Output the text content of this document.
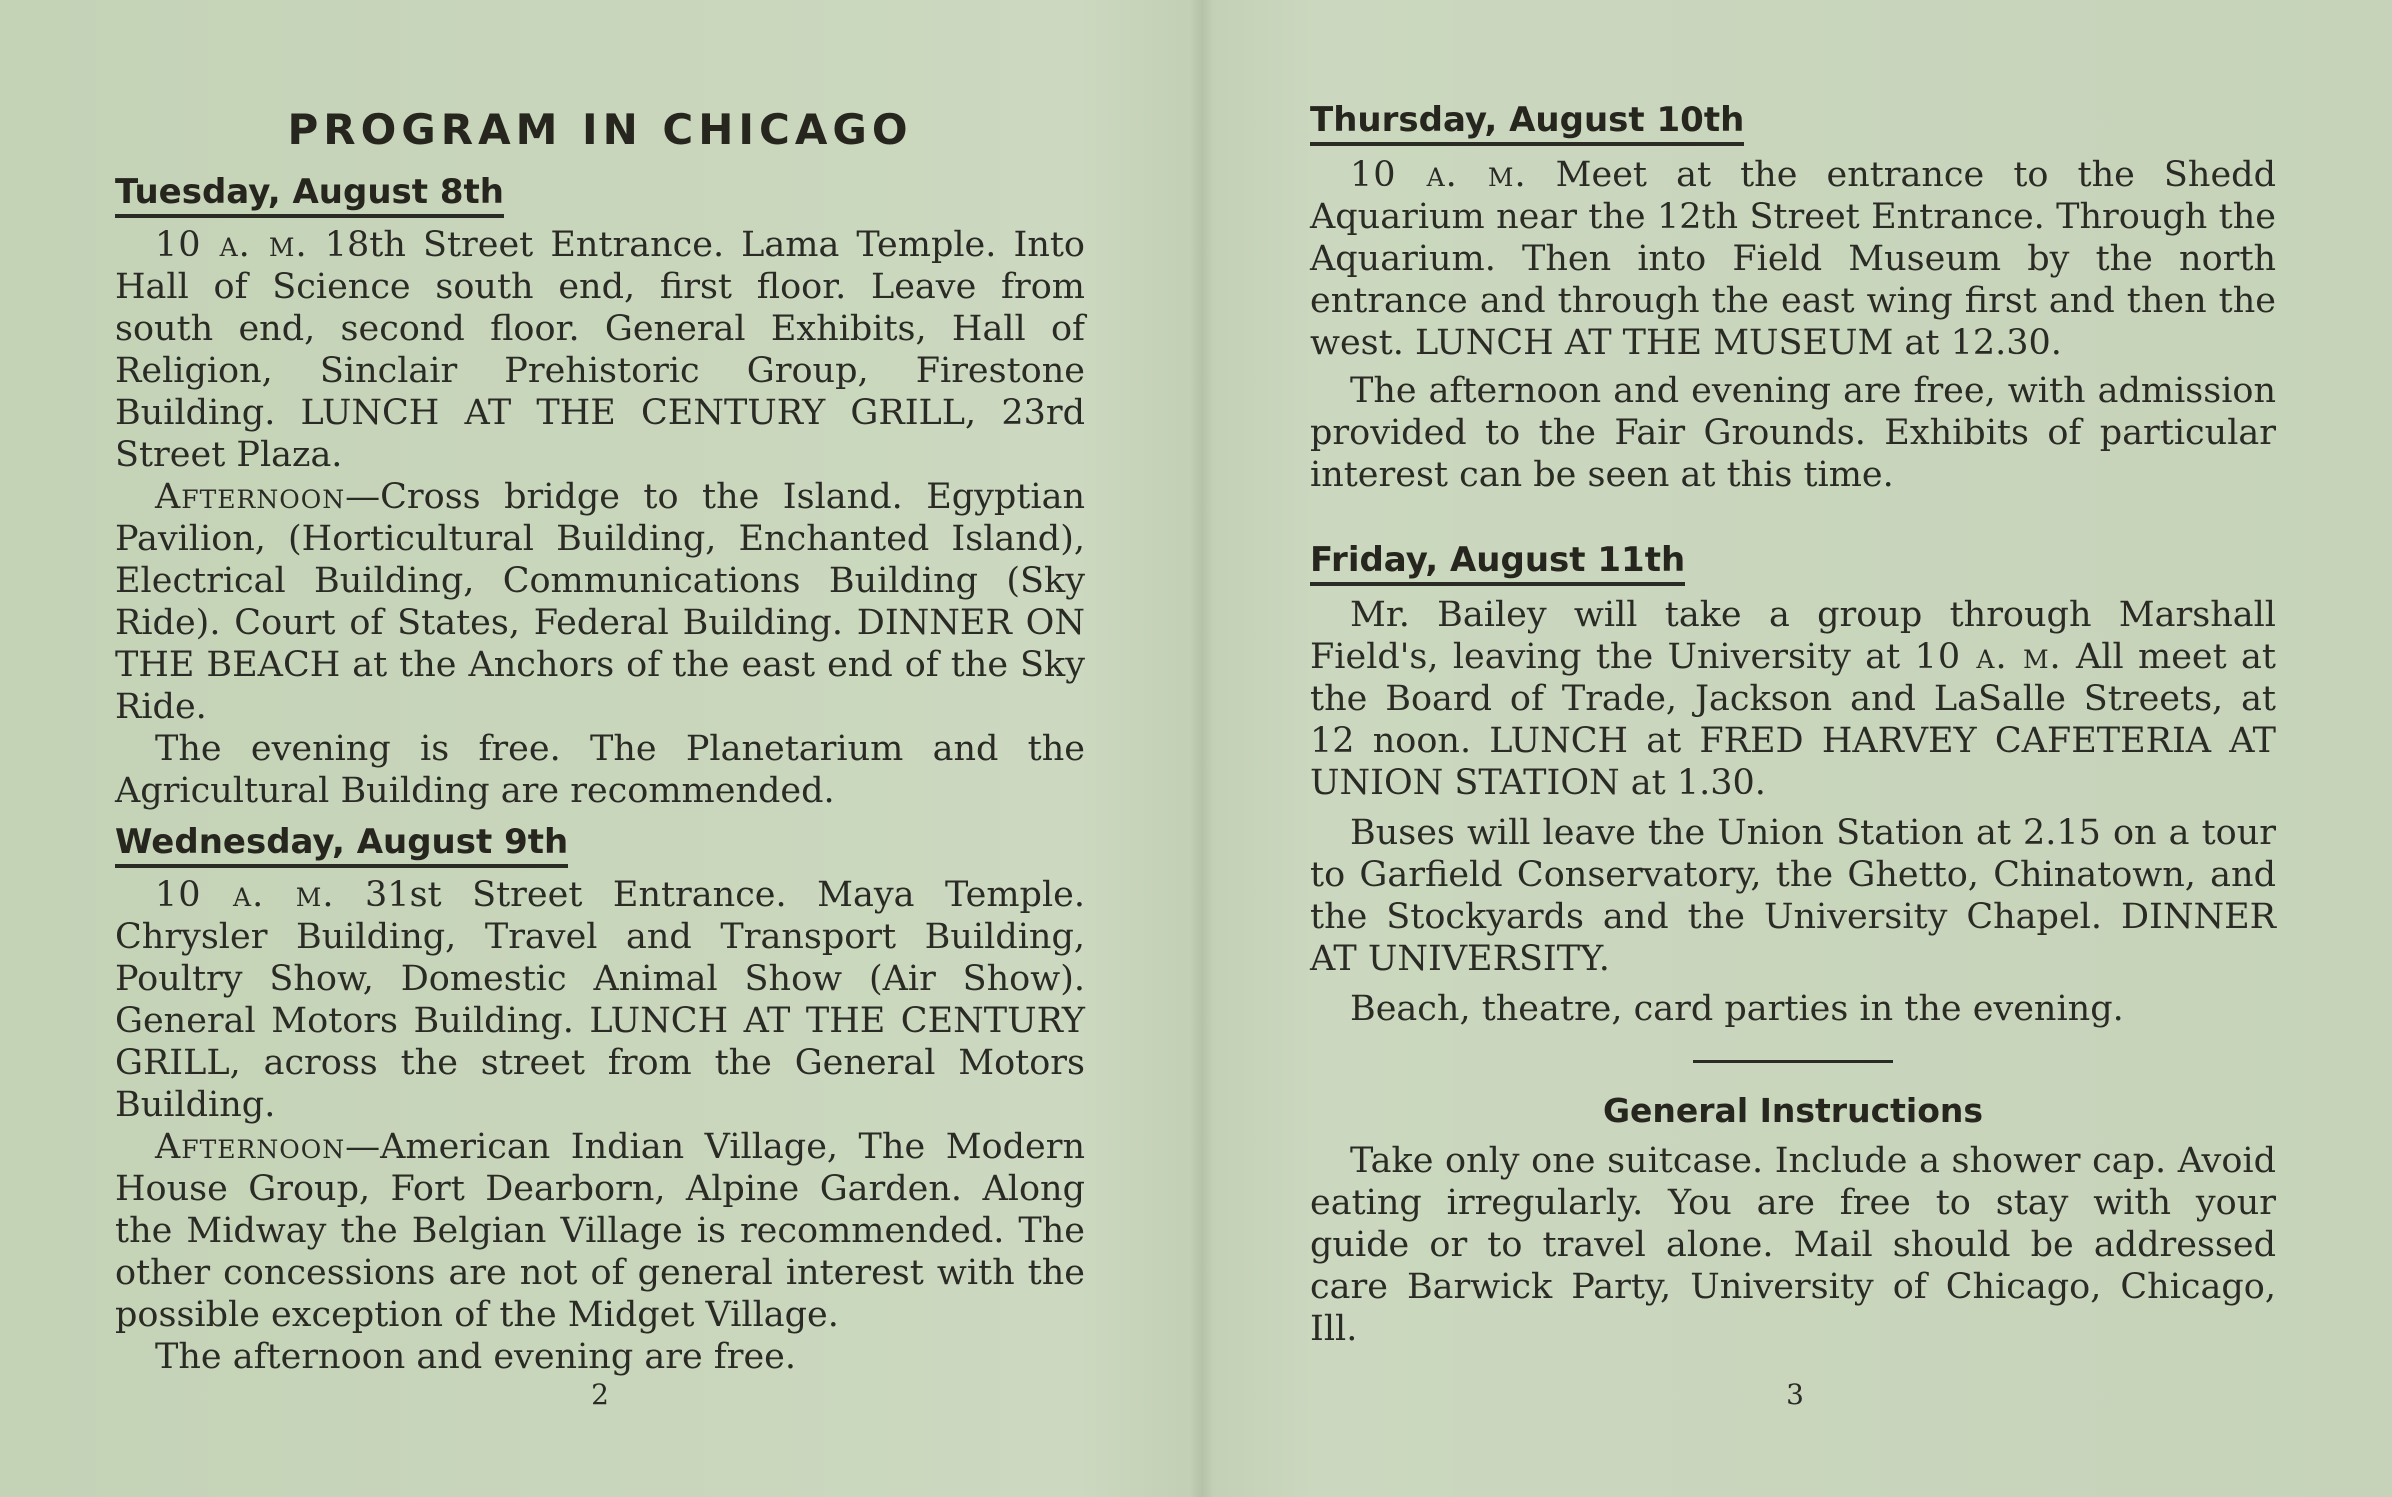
PROGRAM IN CHICAGO
Tuesday, August 8th

10 a. m. 18th Street Entrance. Lama Temple. Into Hall of Science south end, first floor. Leave from south end, second floor. General Exhibits, Hall of Religion, Sinclair Prehistoric Group, Firestone Building. LUNCH AT THE CENTURY GRILL, 23rd Street Plaza.

Afternoon—Cross bridge to the Island. Egyptian Pavilion, (Horticultural Building, Enchanted Island), Electrical Building, Communications Building (Sky Ride). Court of States, Federal Building. DINNER ON THE BEACH at the Anchors of the east end of the Sky Ride.

The evening is free. The Planetarium and the Agricultural Building are recommended.

Wednesday, August 9th

10 a. m. 31st Street Entrance. Maya Temple. Chrysler Building, Travel and Transport Building, Poultry Show, Domestic Animal Show (Air Show). General Motors Building. LUNCH AT THE CENTURY GRILL, across the street from the General Motors Building.

Afternoon—American Indian Village, The Modern House Group, Fort Dearborn, Alpine Garden. Along the Midway the Belgian Village is recommended. The other concessions are not of general interest with the possible exception of the Midget Village.

The afternoon and evening are free.

2
Thursday, August 10th

10 a. m. Meet at the entrance to the Shedd Aquarium near the 12th Street Entrance. Through the Aquarium. Then into Field Museum by the north entrance and through the east wing first and then the west. LUNCH AT THE MUSEUM at 12.30.

The afternoon and evening are free, with admission provided to the Fair Grounds. Exhibits of particular interest can be seen at this time.

Friday, August 11th

Mr. Bailey will take a group through Marshall Field's, leaving the University at 10 a. m. All meet at the Board of Trade, Jackson and LaSalle Streets, at 12 noon. LUNCH at FRED HARVEY CAFETERIA AT UNION STATION at 1.30.

Buses will leave the Union Station at 2.15 on a tour to Garfield Conservatory, the Ghetto, Chinatown, and the Stockyards and the University Chapel. DINNER AT UNIVERSITY.

Beach, theatre, card parties in the evening.

General Instructions

Take only one suitcase. Include a shower cap. Avoid eating irregularly. You are free to stay with your guide or to travel alone. Mail should be addressed care Barwick Party, University of Chicago, Chicago, Ill.

3
